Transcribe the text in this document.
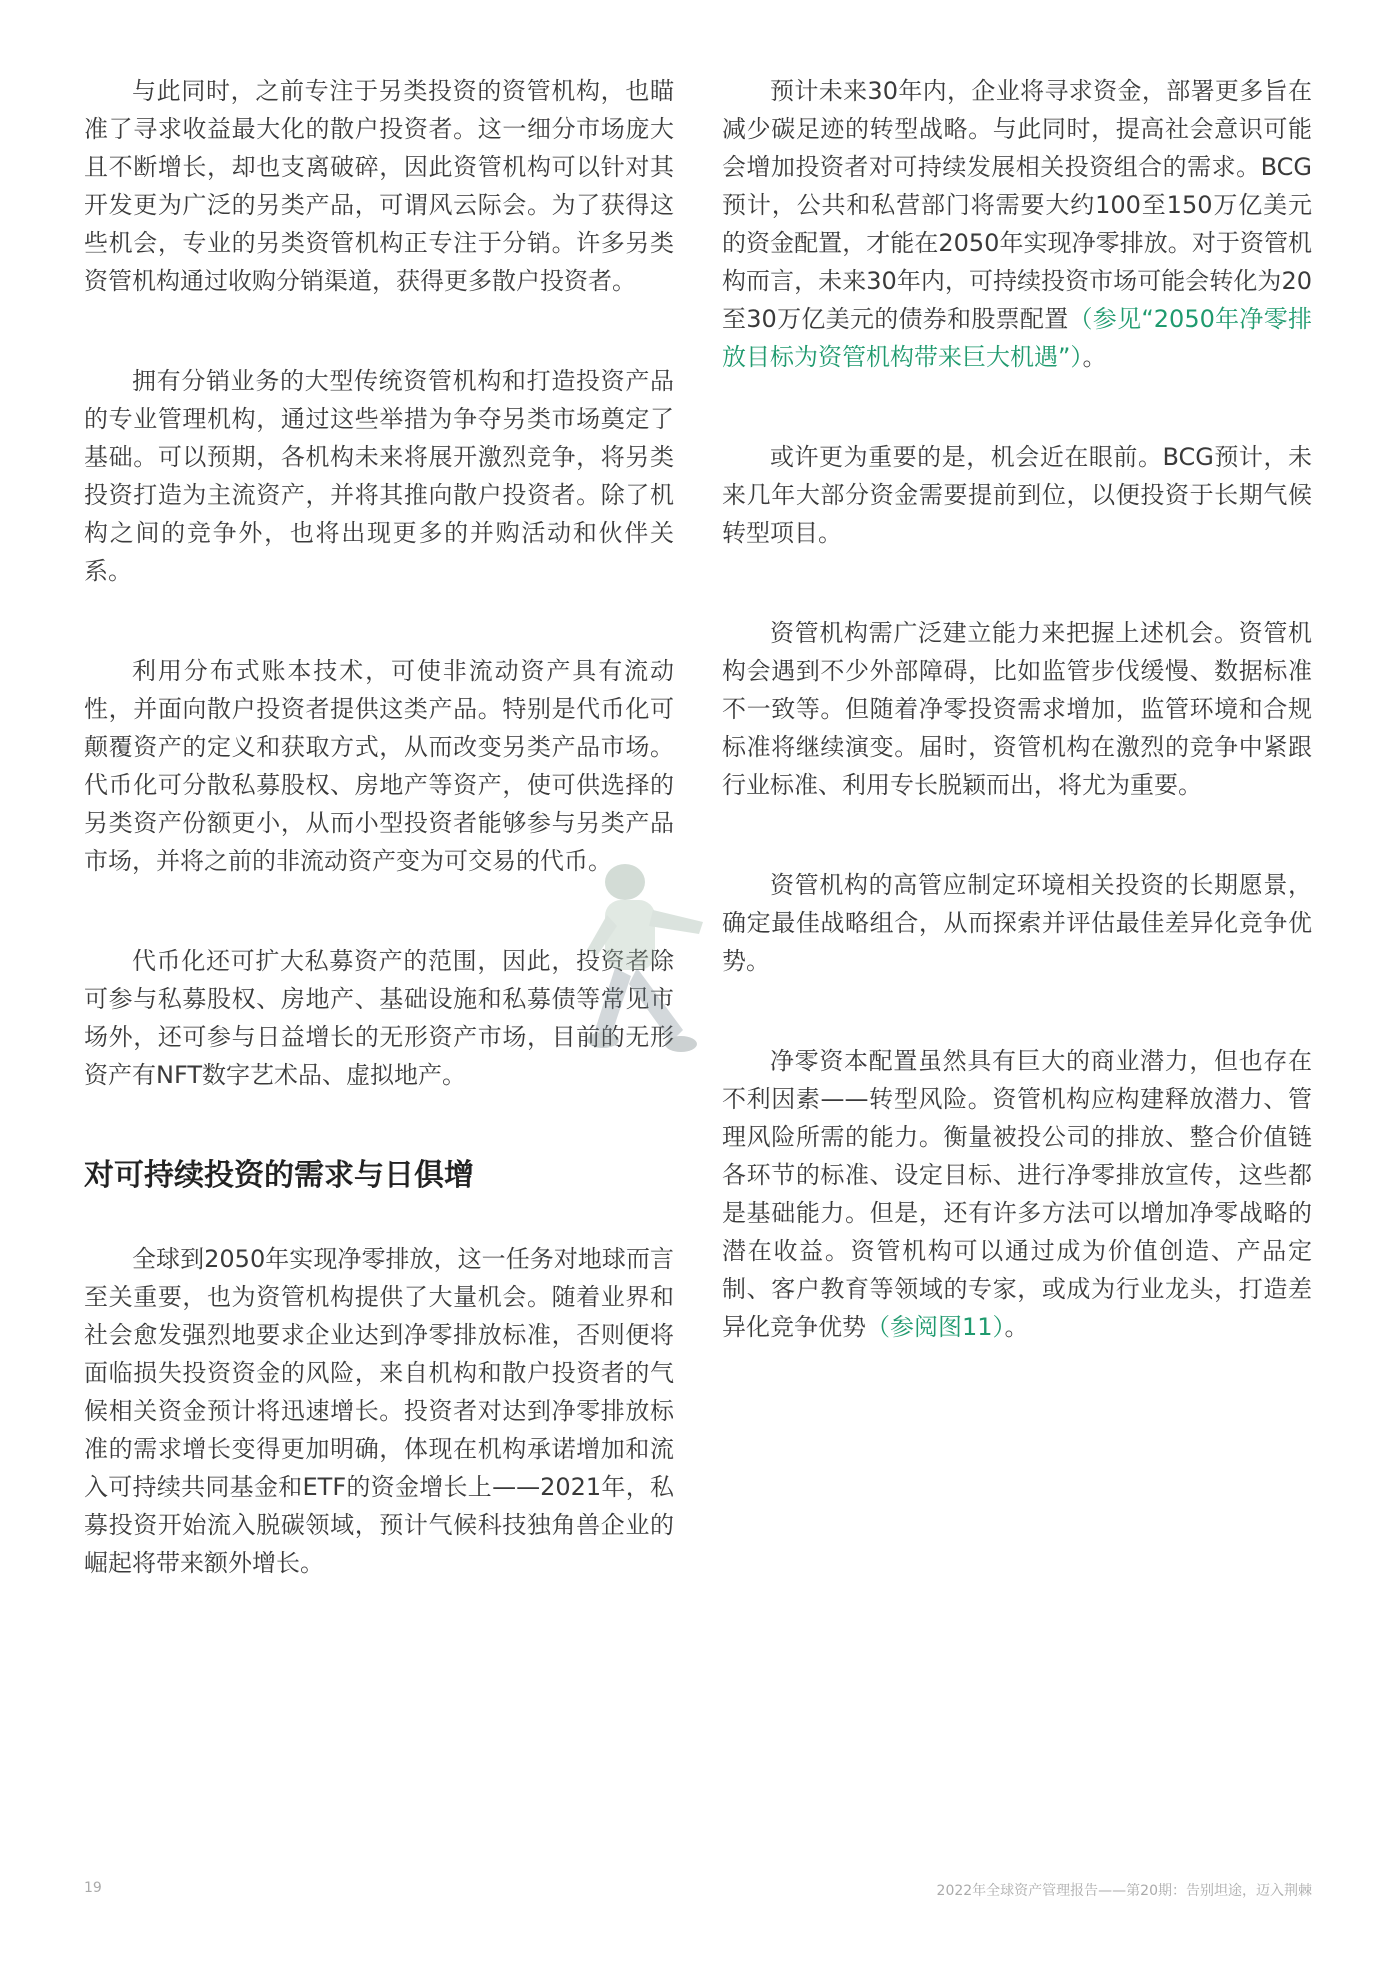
与此同时，之前专注于另类投资的资管机构，也瞄准了寻求收益最大化的散户投资者。这一细分市场庞大且不断增长，却也支离破碎，因此资管机构可以针对其开发更为广泛的另类产品，可谓风云际会。为了获得这些机会，专业的另类资管机构正专注于分销。许多另类资管机构通过收购分销渠道，获得更多散户投资者。

拥有分销业务的大型传统资管机构和打造投资产品的专业管理机构，通过这些举措为争夺另类市场奠定了基础。可以预期，各机构未来将展开激烈竞争，将另类投资打造为主流资产，并将其推向散户投资者。除了机构之间的竞争外，也将出现更多的并购活动和伙伴关系。

利用分布式账本技术，可使非流动资产具有流动性，并面向散户投资者提供这类产品。特别是代币化可颠覆资产的定义和获取方式，从而改变另类产品市场。代币化可分散私募股权、房地产等资产，使可供选择的另类资产份额更小，从而小型投资者能够参与另类产品市场，并将之前的非流动资产变为可交易的代币。

代币化还可扩大私募资产的范围，因此，投资者除可参与私募股权、房地产、基础设施和私募债等常见市场外，还可参与日益增长的无形资产市场，目前的无形资产有NFT数字艺术品、虚拟地产。

对可持续投资的需求与日俱增

全球到2050年实现净零排放，这一任务对地球而言至关重要，也为资管机构提供了大量机会。随着业界和社会愈发强烈地要求企业达到净零排放标准，否则便将面临损失投资资金的风险，来自机构和散户投资者的气候相关资金预计将迅速增长。投资者对达到净零排放标准的需求增长变得更加明确，体现在机构承诺增加和流入可持续共同基金和ETF的资金增长上——2021年，私募投资开始流入脱碳领域，预计气候科技独角兽企业的崛起将带来额外增长。

预计未来30年内，企业将寻求资金，部署更多旨在减少碳足迹的转型战略。与此同时，提高社会意识可能会增加投资者对可持续发展相关投资组合的需求。BCG预计，公共和私营部门将需要大约100至150万亿美元的资金配置，才能在2050年实现净零排放。对于资管机构而言，未来30年内，可持续投资市场可能会转化为20至30万亿美元的债券和股票配置（参见“2050年净零排放目标为资管机构带来巨大机遇”）。

或许更为重要的是，机会近在眼前。BCG预计，未来几年大部分资金需要提前到位，以便投资于长期气候转型项目。

资管机构需广泛建立能力来把握上述机会。资管机构会遇到不少外部障碍，比如监管步伐缓慢、数据标准不一致等。但随着净零投资需求增加，监管环境和合规标准将继续演变。届时，资管机构在激烈的竞争中紧跟行业标准、利用专长脱颖而出，将尤为重要。

资管机构的高管应制定环境相关投资的长期愿景，确定最佳战略组合，从而探索并评估最佳差异化竞争优势。

净零资本配置虽然具有巨大的商业潜力，但也存在不利因素——转型风险。资管机构应构建释放潜力、管理风险所需的能力。衡量被投公司的排放、整合价值链各环节的标准、设定目标、进行净零排放宣传，这些都是基础能力。但是，还有许多方法可以增加净零战略的潜在收益。资管机构可以通过成为价值创造、产品定制、客户教育等领域的专家，或成为行业龙头，打造差异化竞争优势（参阅图11）。

19	2022年全球资产管理报告——第20期：告别坦途，迈入荆棘
